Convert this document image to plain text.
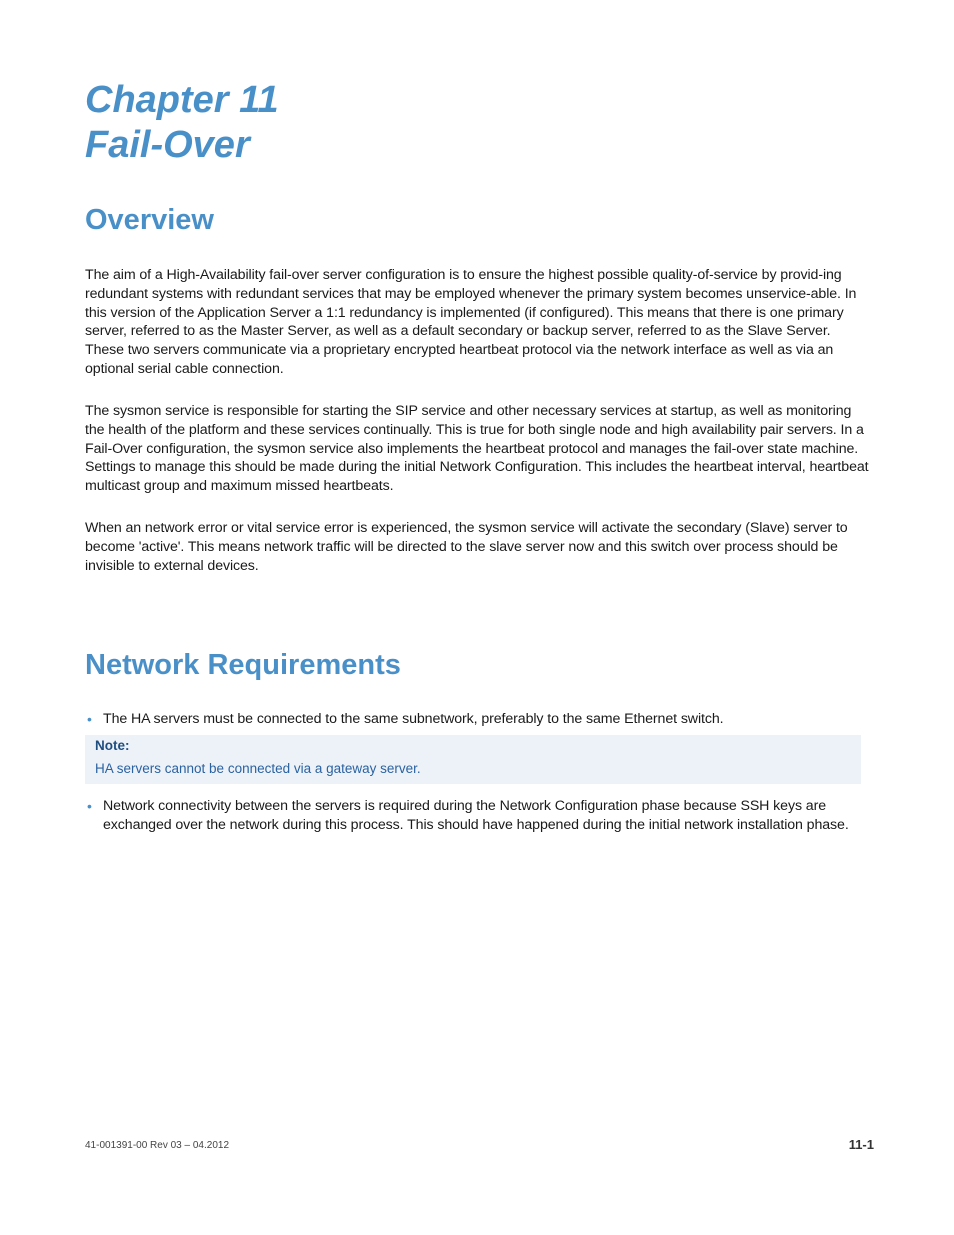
Chapter 11
Fail-Over
Overview

The aim of a High-Availability fail-over server configuration is to ensure the highest possible quality-of-service by provid-ing redundant systems with redundant services that may be employed whenever the primary system becomes unservice-able. In this version of the Application Server a 1:1 redundancy is implemented (if configured). This means that there is one primary server, referred to as the Master Server, as well as a default secondary or backup server, referred to as the Slave Server. These two servers communicate via a proprietary encrypted heartbeat protocol via the network interface as well as via an optional serial cable connection.

The sysmon service is responsible for starting the SIP service and other necessary services at startup, as well as monitoring the health of the platform and these services continually. This is true for both single node and high availability pair servers. In a Fail-Over configuration, the sysmon service also implements the heartbeat protocol and manages the fail-over state machine. Settings to manage this should be made during the initial Network Configuration. This includes the heartbeat interval, heartbeat multicast group and maximum missed heartbeats.

When an network error or vital service error is experienced, the sysmon service will activate the secondary (Slave) server to become 'active'. This means network traffic will be directed to the slave server now and this switch over process should be invisible to external devices.

Network Requirements
• The HA servers must be connected to the same subnetwork, preferably to the same Ethernet switch.
Note:
HA servers cannot be connected via a gateway server.
• Network connectivity between the servers is required during the Network Configuration phase because SSH keys are exchanged over the network during this process. This should have happened during the initial network installation phase.
41-001391-00 Rev 03 – 04.2012	11-1
